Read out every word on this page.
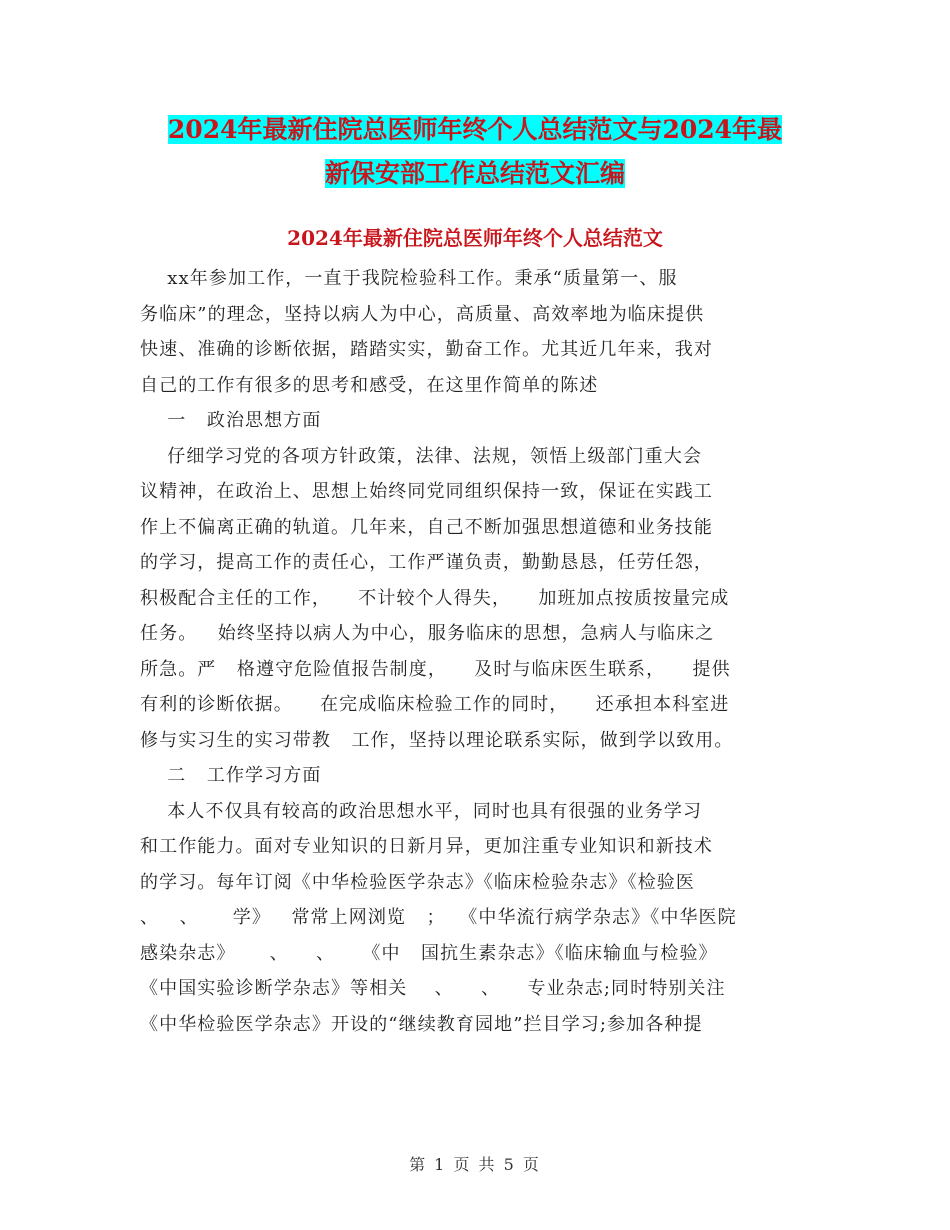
2024年最新住院总医师年终个人总结范文与2024年最
新保安部工作总结范文汇编
2024年最新住院总医师年终个人总结范文
xx年参加工作，一直于我院检验科工作。秉承“质量第一、服
务临床”的理念，坚持以病人为中心，高质量、高效率地为临床提供
快速、准确的诊断依据，踏踏实实，勤奋工作。尤其近几年来，我对
自己的工作有很多的思考和感受，在这里作简单的陈述
一   政治思想方面
仔细学习党的各项方针政策，法律、法规，领悟上级部门重大会
议精神，在政治上、思想上始终同党同组织保持一致，保证在实践工
作上不偏离正确的轨道。几年来，自己不断加强思想道德和业务技能
的学习，提高工作的责任心，工作严谨负责，勤勤恳恳，任劳任怨，
积极配合主任的工作，    不计较个人得失，    加班加点按质按量完成
任务。   始终坚持以病人为中心，服务临床的思想，急病人与临床之
所急。严   格遵守危险值报告制度，    及时与临床医生联系，    提供
有利的诊断依据。    在完成临床检验工作的同时，    还承担本科室进
修与实习生的实习带教   工作，坚持以理论联系实际，做到学以致用。
二   工作学习方面
本人不仅具有较高的政治思想水平，同时也具有很强的业务学习
和工作能力。面对专业知识的日新月异，更加注重专业知识和新技术
的学习。每年订阅《中华检验医学杂志》《临床检验杂志》《检验医
、   、     学》   常常上网浏览   ；  《中华流行病学杂志》《中华医院
感染杂志》     、    、    《中   国抗生素杂志》《临床输血与检验》
《中国实验诊断学杂志》等相关    、    、    专业杂志;同时特别关注
《中华检验医学杂志》开设的“继续教育园地”拦目学习;参加各种提
第 1 页 共 5 页
